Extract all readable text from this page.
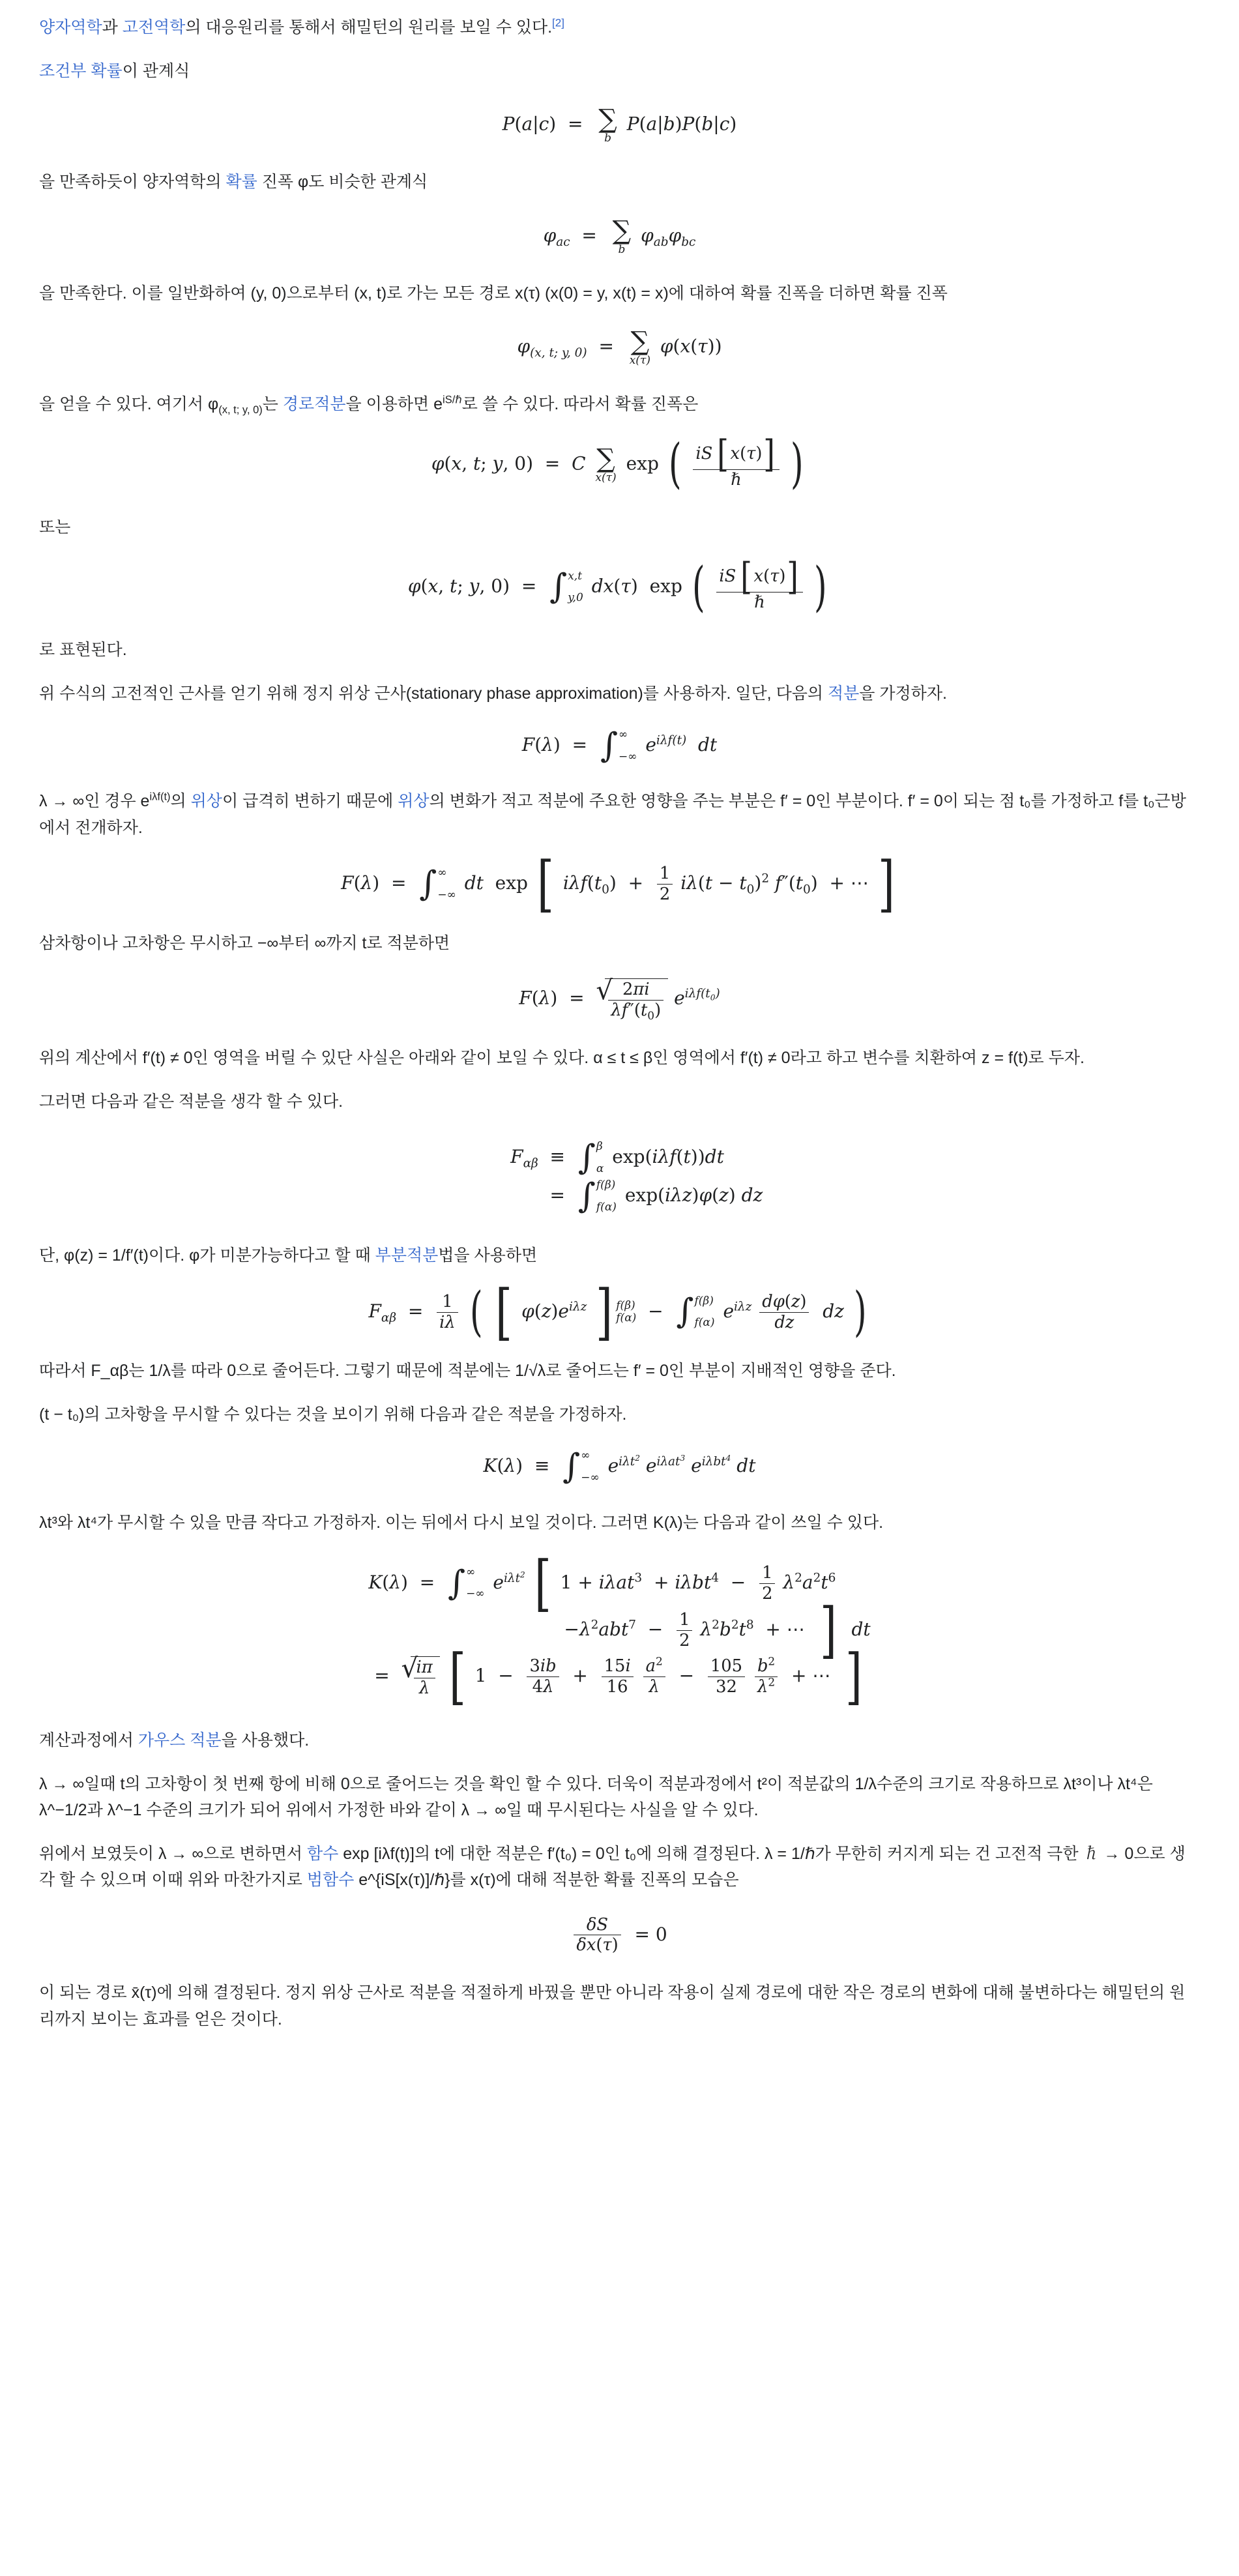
양자역학과 고전역학의 대응원리를 통해서 해밀턴의 원리를 보일 수 있다.[2]

조건부 확률이 관계식

P(a|c)  =  ∑
b
P(a|b)P(b|c)

을 만족하듯이 양자역학의 확률 진폭 φ도 비슷한 관계식

$\varphi_{ac}$  =  ∑
b
$\varphi_{ab}\varphi_{bc}$

을 만족한다. 이를 일반화하여 (y, 0)으로부터 (x, t)로 가는 모든 경로 x(τ) (x(0) = y, x(t) = x)에 대하여 확률 진폭을 더하면 확률 진폭

$\varphi_{(x, t; y, 0)}$  =  ∑
x(τ)
φ(x(τ))

을 얻을 수 있다. 여기서 $\varphi_{(x, t; y, 0)}$는 경로적분을 이용하면 $e^{iS/\hbar}$로 쓸 수 있다. 따라서 확률 진폭은

φ(x, t; y, 0)  =  C ∑
x(τ)
exp ( $\frac{iS [x(\tau)]}{\text{ℏ}}$ )

또는

φ(x, t; y, 0)  =  ∫ x,t
y,0
dx(τ)  exp ( $\frac{iS [x(\tau)]}{\text{ℏ}}$ )

로 표현된다.

위 수식의 고전적인 근사를 얻기 위해 정지 위상 근사(stationary phase approximation)를 사용하자. 일단, 다음의 적분을 가정하자.

F(λ)  =  ∫ ∞
−∞
$e^{i\lambda f(t)}$  dt

λ → ∞인 경우 $e^{i\lambda f(t)}$의 위상이 급격히 변하기 때문에 위상의 변화가 적고 적분에 주요한 영향을 주는 부분은 f′ = 0인 부분이다. f′ = 0이 되는 점 t₀를 가정하고 f를 t₀근방에서 전개하자.

F(λ)  =  ∫ ∞
−∞
dt  exp [ $i\lambda f(t_0) + \frac{1}{2} i\lambda(t - t_0)^2$ $f''(t_0)$  + ⋯ ]

삼차항이나 고차항은 무시하고 −∞부터 ∞까지 t로 적분하면

F(λ)  = √ $\frac{2\pi i}{\lambda f''(t_0)} e^{i\lambda f(t_0)}$

위의 계산에서 f′(t) ≠ 0인 영역을 버릴 수 있단 사실은 아래와 같이 보일 수 있다. α ≤ t ≤ β인 영역에서 f′(t) ≠ 0라고 하고 변수를 치환하여 z = f(t)로 두자.

그러면 다음과 같은 적분을 생각 할 수 있다.

$F_{\alpha\beta}$  ≡  ∫ β
α
exp(iλf(t))dt
=  ∫ f(β)
f(α)
exp(iλz)φ(z) dz

단, φ(z) = 1/f′(t)이다. φ가 미분가능하다고 할 때 부분적분법을 사용하면

$F_{\alpha\beta} = \frac{1}{i\lambda}$ ( [ $\varphi(z)e^{i\lambda z}$ ] f(β)
f(α) −  ∫ f(β)
f(α)
$e^{i\lambda z} \frac{d\varphi(z)}{dz}$ dz )

따라서 F_αβ는 1/λ를 따라 0으로 줄어든다. 그렇기 때문에 적분에는 1/√λ로 줄어드는 f′ = 0인 부분이 지배적인 영향을 준다.

(t − t₀)의 고차항을 무시할 수 있다는 것을 보이기 위해 다음과 같은 적분을 가정하자.

K(λ)  ≡  ∫ ∞
−∞
$e^{i\lambda t^2}$ $e^{i\lambda at^3}$ $e^{i\lambda bt^4}$ dt

λt³와 λt⁴가 무시할 수 있을 만큼 작다고 가정하자. 이는 뒤에서 다시 보일 것이다. 그러면 K(λ)는 다음과 같이 쓰일 수 있다.

K(λ)  =  ∫ ∞
−∞
$e^{i\lambda t^2}$ [ $1 + i\lambda at^3 + i\lambda bt^4 - \frac{1}{2} \lambda^2a^2t^6$
$-\lambda^2abt^7 - \frac{1}{2} \lambda^2b^2t^8$  + ⋯  ]  dt
= √ $\frac{i\pi}{\lambda}$ [ $1 - \frac{3ib}{4\lambda} + \frac{15i}{16}$
$\frac{a^2}{\lambda} - \frac{105}{32}$
$\frac{b^2}{\lambda^2}$ + ⋯  ]

계산과정에서 가우스 적분을 사용했다.

λ → ∞일때 t의 고차항이 첫 번째 항에 비해 0으로 줄어드는 것을 확인 할 수 있다. 더욱이 적분과정에서 t²이 적분값의 1/λ수준의 크기로 작용하므로 λt³이나 λt⁴은 λ^−1/2과 λ^−1 수준의 크기가 되어 위에서 가정한 바와 같이 λ → ∞일 때 무시된다는 사실을 알 수 있다.

위에서 보였듯이 λ → ∞으로 변하면서 함수 exp [iλf(t)]의 t에 대한 적분은 f′(t₀) = 0인 t₀에 의해 결정된다. λ = 1/ℏ가 무한히 커지게 되는 건 고전적 극한 ℏ → 0으로 생각 할 수 있으며 이때 위와 마찬가지로 범함수 e^{iS[x(τ)]/ℏ}를 x(τ)에 대해 적분한 확률 진폭의 모습은

$\frac{\delta S}{\delta x(\tau)} = 0$

이 되는 경로 x̄(τ)에 의해 결정된다. 정지 위상 근사로 적분을 적절하게 바꿨을 뿐만 아니라 작용이 실제 경로에 대한 작은 경로의 변화에 대해 불변하다는 해밀턴의 원리까지 보이는 효과를 얻은 것이다.
